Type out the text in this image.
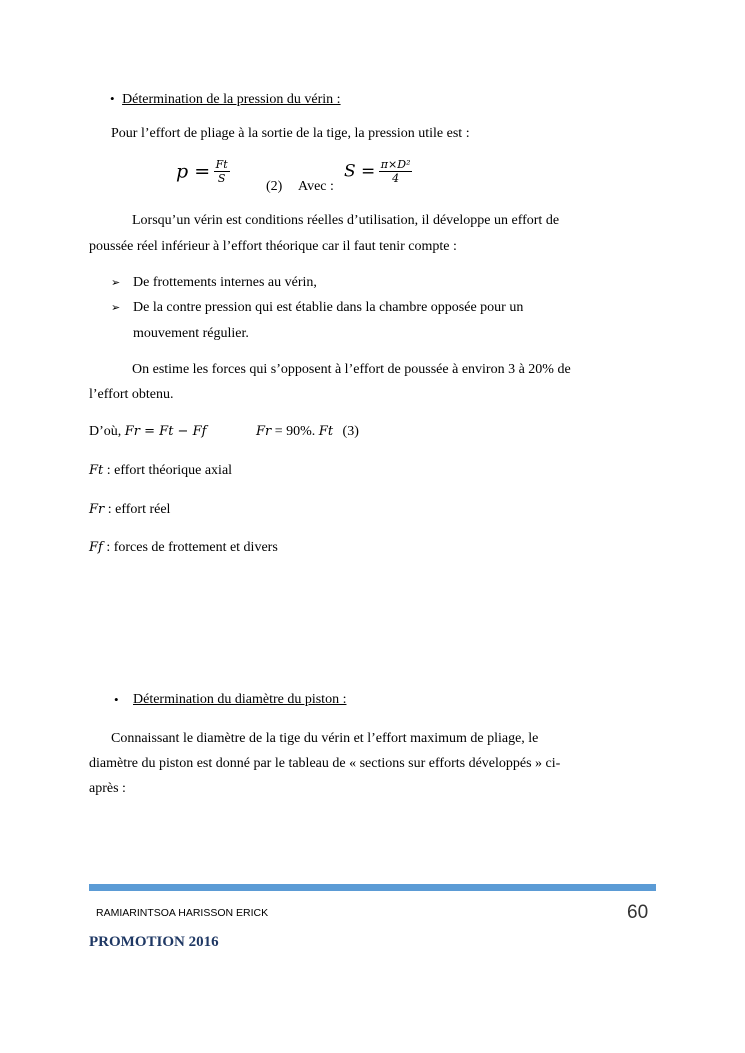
• Détermination de la pression du vérin :
Pour l’effort de pliage à la sortie de la tige, la pression utile est :
$p = \frac{Ft}{S}$
(2) Avec :
$S = \frac{\text{π×D²}}{4}$
Lorsqu’un vérin est conditions réelles d’utilisation, il développe un effort de
poussée réel inférieur à l’effort théorique car il faut tenir compte :
➢ De frottements internes au vérin,
➢ De la contre pression qui est établie dans la chambre opposée pour un
mouvement régulier.
On estime les forces qui s’opposent à l’effort de poussée à environ 3 à 20% de
l’effort obtenu.
D’où, Fr = Ft − Ff	Fr = 90%. Ft (3)
Ft : effort théorique axial
Fr : effort réel
Ff : forces de frottement et divers
• Détermination du diamètre du piston :
Connaissant le diamètre de la tige du vérin et l’effort maximum de pliage, le
diamètre du piston est donné par le tableau de « sections sur efforts développés » ci-
après :
RAMIARINTSOA HARISSON ERICK	60
PROMOTION 2016
